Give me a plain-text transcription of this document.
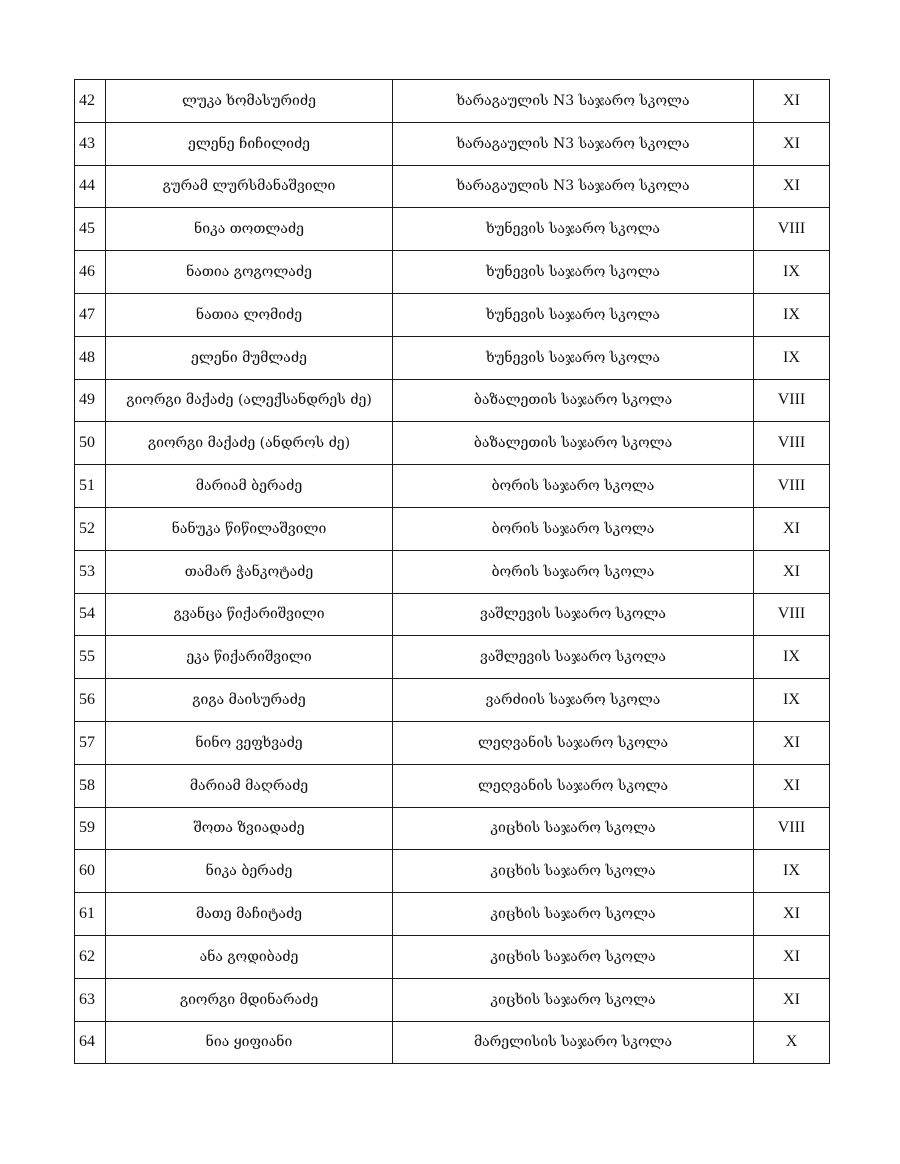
42	ლუკა ხომასურიძე	ხარაგაულის N3 საჯარო სკოლა	XI
43	ელენე ჩიჩილიძე	ხარაგაულის N3 საჯარო სკოლა	XI
44	გურამ ლურსმანაშვილი	ხარაგაულის N3 საჯარო სკოლა	XI
45	ნიკა თოთლაძე	ხუნევის საჯარო სკოლა	VIII
46	ნათია გოგოლაძე	ხუნევის საჯარო სკოლა	IX
47	ნათია ლომიძე	ხუნევის საჯარო სკოლა	IX
48	ელენი მუმლაძე	ხუნევის საჯარო სკოლა	IX
49	გიორგი მაქაძე (ალექსანდრეს ძე)	ბაზალეთის საჯარო სკოლა	VIII
50	გიორგი მაქაძე (ანდროს ძე)	ბაზალეთის საჯარო სკოლა	VIII
51	მარიამ ბერაძე	ბორის საჯარო სკოლა	VIII
52	ნანუკა წიწილაშვილი	ბორის საჯარო სკოლა	XI
53	თამარ ჭანკოტაძე	ბორის საჯარო სკოლა	XI
54	გვანცა წიქარიშვილი	ვაშლევის საჯარო სკოლა	VIII
55	ეკა წიქარიშვილი	ვაშლევის საჯარო სკოლა	IX
56	გიგა მაისურაძე	ვარძიის საჯარო სკოლა	IX
57	ნინო ვეფხვაძე	ლეღვანის საჯარო სკოლა	XI
58	მარიამ მაღრაძე	ლეღვანის საჯარო სკოლა	XI
59	შოთა ზვიადაძე	კიცხის საჯარო სკოლა	VIII
60	ნიკა ბერაძე	კიცხის საჯარო სკოლა	IX
61	მათე მაჩიტაძე	კიცხის საჯარო სკოლა	XI
62	ანა გოდიბაძე	კიცხის საჯარო სკოლა	XI
63	გიორგი მდინარაძე	კიცხის საჯარო სკოლა	XI
64	ნია ყიფიანი	მარელისის საჯარო სკოლა	X
